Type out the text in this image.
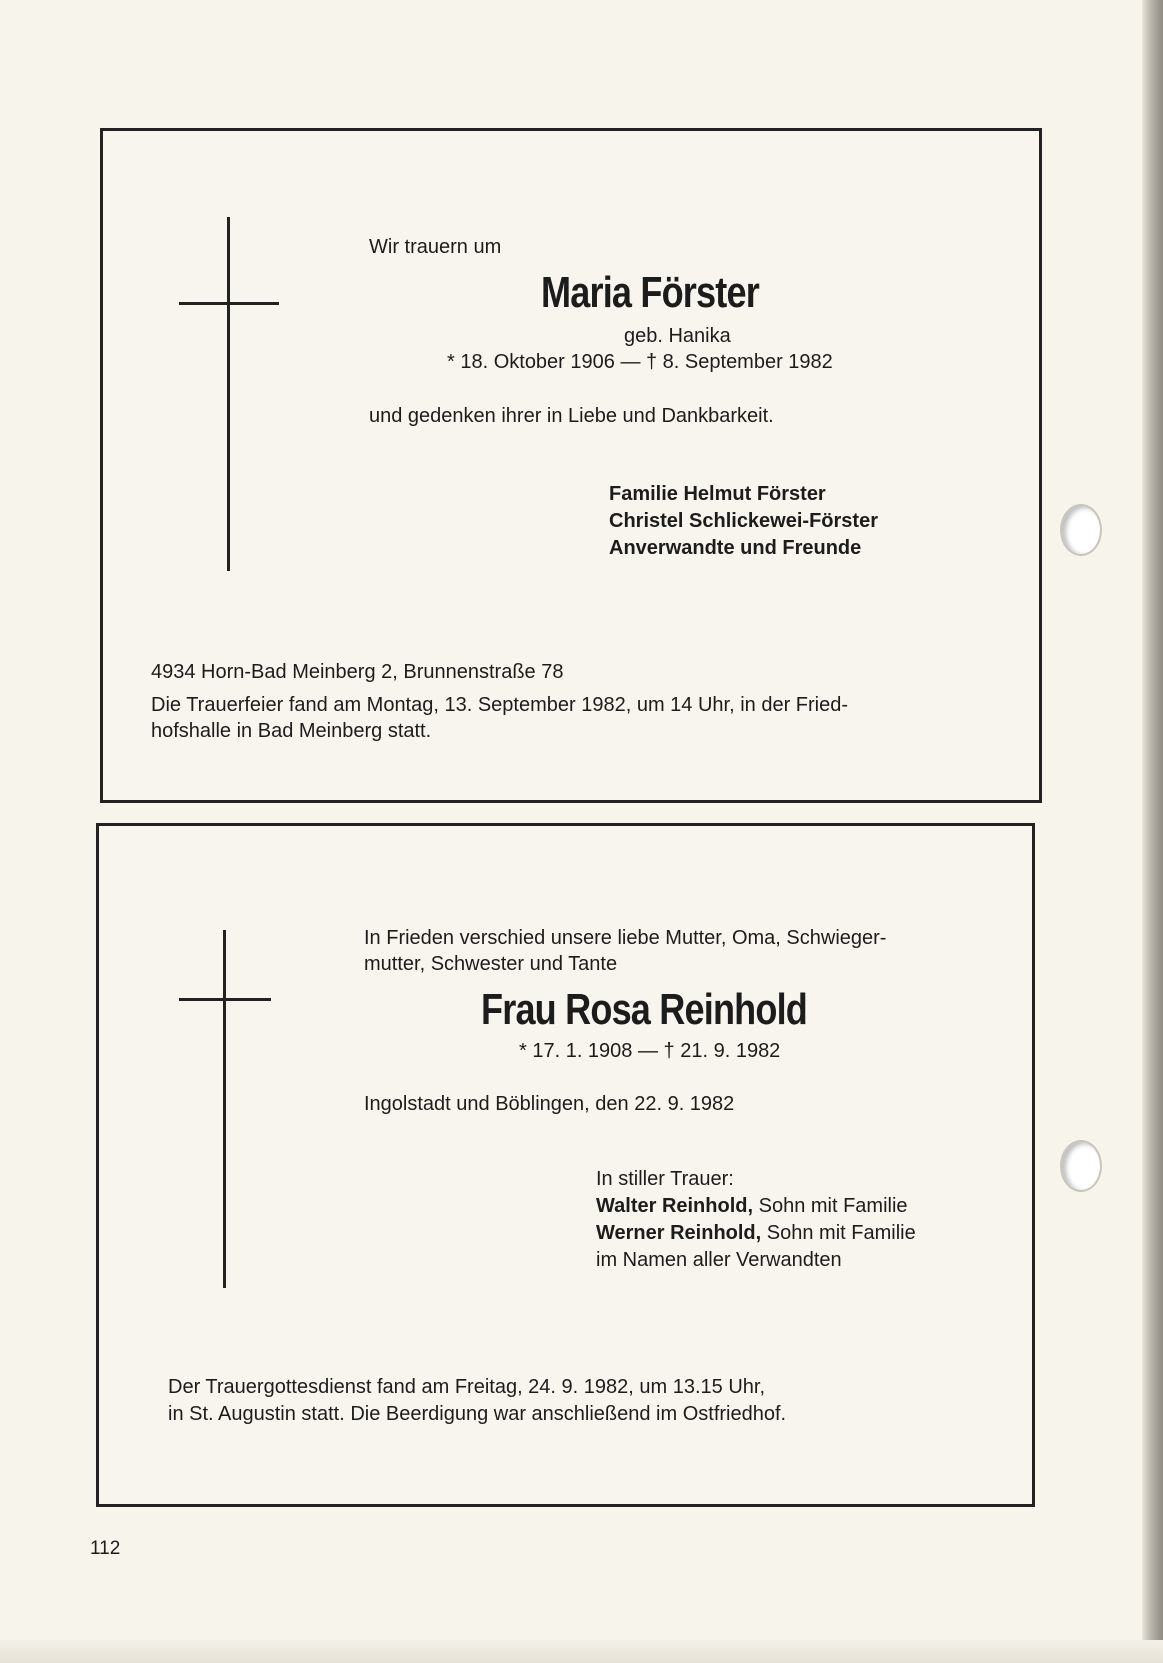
Wir trauern um
Maria Förster
geb. Hanika
* 18. Oktober 1906 — † 8. September 1982
und gedenken ihrer in Liebe und Dankbarkeit.
Familie Helmut Förster
Christel Schlickewei-Förster
Anverwandte und Freunde
4934 Horn-Bad Meinberg 2, Brunnenstraße 78
Die Trauerfeier fand am Montag, 13. September 1982, um 14 Uhr, in der Fried-
hofshalle in Bad Meinberg statt.
In Frieden verschied unsere liebe Mutter, Oma, Schwieger-
mutter, Schwester und Tante
Frau Rosa Reinhold
* 17. 1. 1908 — † 21. 9. 1982
Ingolstadt und Böblingen, den 22. 9. 1982
In stiller Trauer:
Walter Reinhold, Sohn mit Familie
Werner Reinhold, Sohn mit Familie
im Namen aller Verwandten
Der Trauergottesdienst fand am Freitag, 24. 9. 1982, um 13.15 Uhr,
in St. Augustin statt. Die Beerdigung war anschließend im Ostfriedhof.
112
